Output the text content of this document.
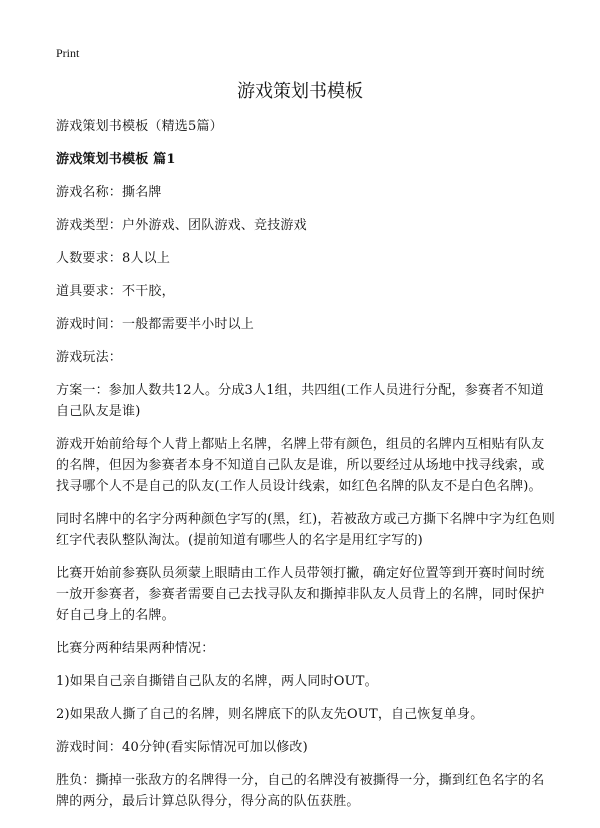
Print
游戏策划书模板

游戏策划书模板（精选5篇）

游戏策划书模板 篇1

游戏名称：撕名牌

游戏类型：户外游戏、团队游戏、竞技游戏

人数要求：8人以上

道具要求：不干胶，

游戏时间：一般都需要半小时以上

游戏玩法：

方案一：参加人数共12人。分成3人1组，共四组(工作人员进行分配，参赛者不知道自己队友是谁)

游戏开始前给每个人背上都贴上名牌，名牌上带有颜色，组员的名牌内互相贴有队友的名牌，但因为参赛者本身不知道自己队友是谁，所以要经过从场地中找寻线索，或找寻哪个人不是自己的队友(工作人员设计线索，如红色名牌的队友不是白色名牌)。

同时名牌中的名字分两种颜色字写的(黑，红)，若被敌方或己方撕下名牌中字为红色则红字代表队整队淘汰。(提前知道有哪些人的名字是用红字写的)

比赛开始前参赛队员须蒙上眼睛由工作人员带领打撇，确定好位置等到开赛时间时统一放开参赛者，参赛者需要自己去找寻队友和撕掉非队友人员背上的名牌，同时保护好自己身上的名牌。

比赛分两种结果两种情况：

1)如果自己亲自撕错自己队友的名牌，两人同时OUT。

2)如果敌人撕了自己的名牌，则名牌底下的队友先OUT，自己恢复单身。

游戏时间：40分钟(看实际情况可加以修改)

胜负：撕掉一张敌方的名牌得一分，自己的名牌没有被撕得一分，撕到红色名字的名牌的两分，最后计算总队得分，得分高的队伍获胜。
